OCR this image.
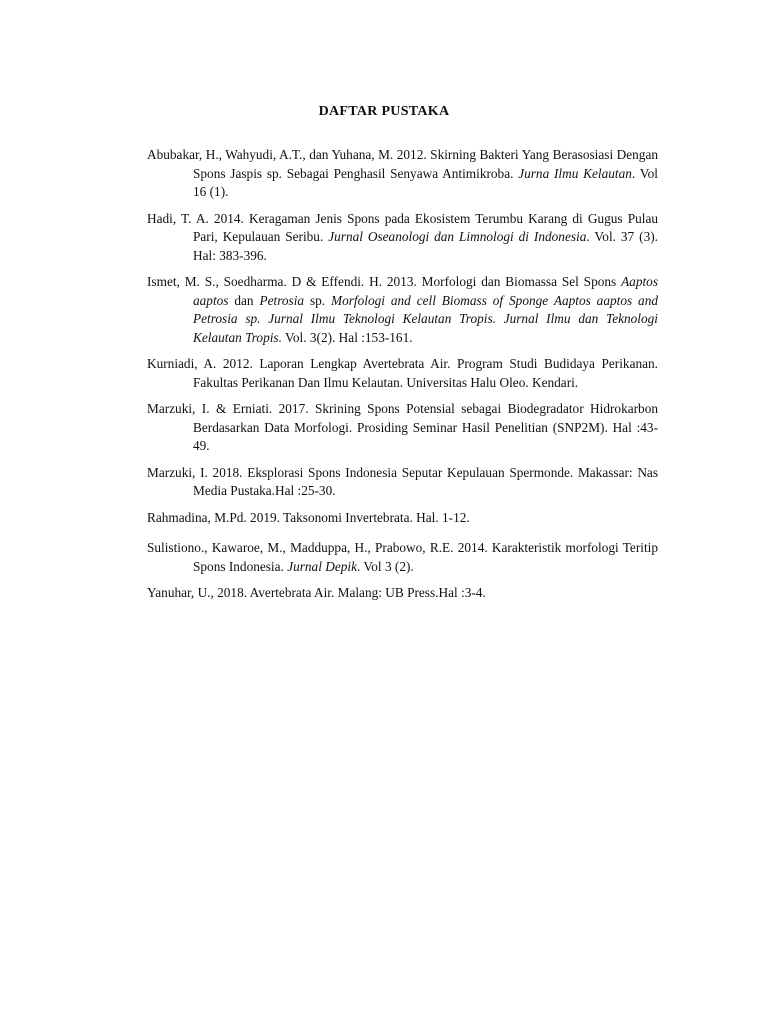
DAFTAR PUSTAKA
Abubakar, H., Wahyudi, A.T., dan Yuhana, M. 2012. Skirning Bakteri Yang Berasosiasi Dengan Spons Jaspis sp. Sebagai Penghasil Senyawa Antimikroba. Jurna Ilmu Kelautan. Vol 16 (1).
Hadi, T. A. 2014. Keragaman Jenis Spons pada Ekosistem Terumbu Karang di Gugus Pulau Pari, Kepulauan Seribu. Jurnal Oseanologi dan Limnologi di Indonesia. Vol. 37 (3). Hal: 383-396.
Ismet, M. S., Soedharma. D & Effendi. H. 2013. Morfologi dan Biomassa Sel Spons Aaptos aaptos dan Petrosia sp. Morfologi and cell Biomass of Sponge Aaptos aaptos and Petrosia sp. Jurnal Ilmu Teknologi Kelautan Tropis. Jurnal Ilmu dan Teknologi Kelautan Tropis. Vol. 3(2). Hal :153-161.
Kurniadi, A. 2012. Laporan Lengkap Avertebrata Air. Program Studi Budidaya Perikanan. Fakultas Perikanan Dan Ilmu Kelautan. Universitas Halu Oleo. Kendari.
Marzuki, I. & Erniati. 2017. Skrining Spons Potensial sebagai Biodegradator Hidrokarbon Berdasarkan Data Morfologi. Prosiding Seminar Hasil Penelitian (SNP2M). Hal :43-49.
Marzuki, I. 2018. Eksplorasi Spons Indonesia Seputar Kepulauan Spermonde. Makassar: Nas Media Pustaka.Hal :25-30.
Rahmadina, M.Pd. 2019. Taksonomi Invertebrata. Hal. 1-12.
Sulistiono., Kawaroe, M., Madduppa, H., Prabowo, R.E. 2014. Karakteristik morfologi Teritip Spons Indonesia. Jurnal Depik. Vol 3 (2).
Yanuhar, U., 2018. Avertebrata Air. Malang: UB Press.Hal :3-4.
